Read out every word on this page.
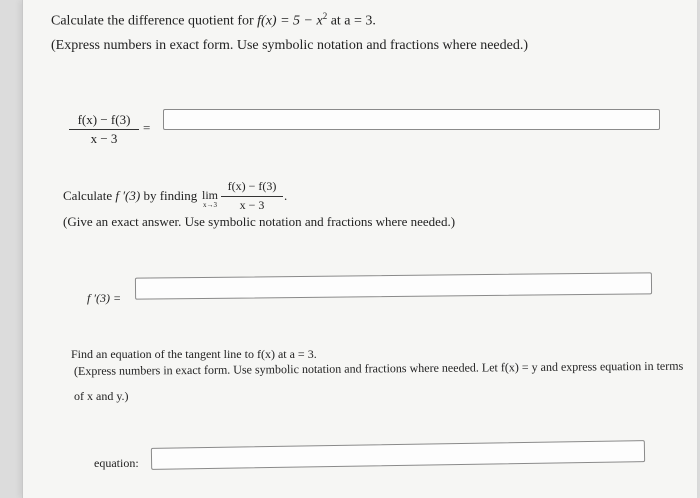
Calculate the difference quotient for $f(x) = 5 - x^2$ at a = 3.
(Express numbers in exact form. Use symbolic notation and fractions where needed.)
$\frac{f(x) - f(3)}{x - 3}$ =
Calculate f ′(3) by finding lim
$x\to 3 \frac{f(x) - f(3)}{x - 3}$ .
(Give an exact answer. Use symbolic notation and fractions where needed.)
f ′(3) =
Find an equation of the tangent line to f(x) at a = 3.
(Express numbers in exact form. Use symbolic notation and fractions where needed. Let f(x) = y and express equation in terms
of x and y.)
equation:
